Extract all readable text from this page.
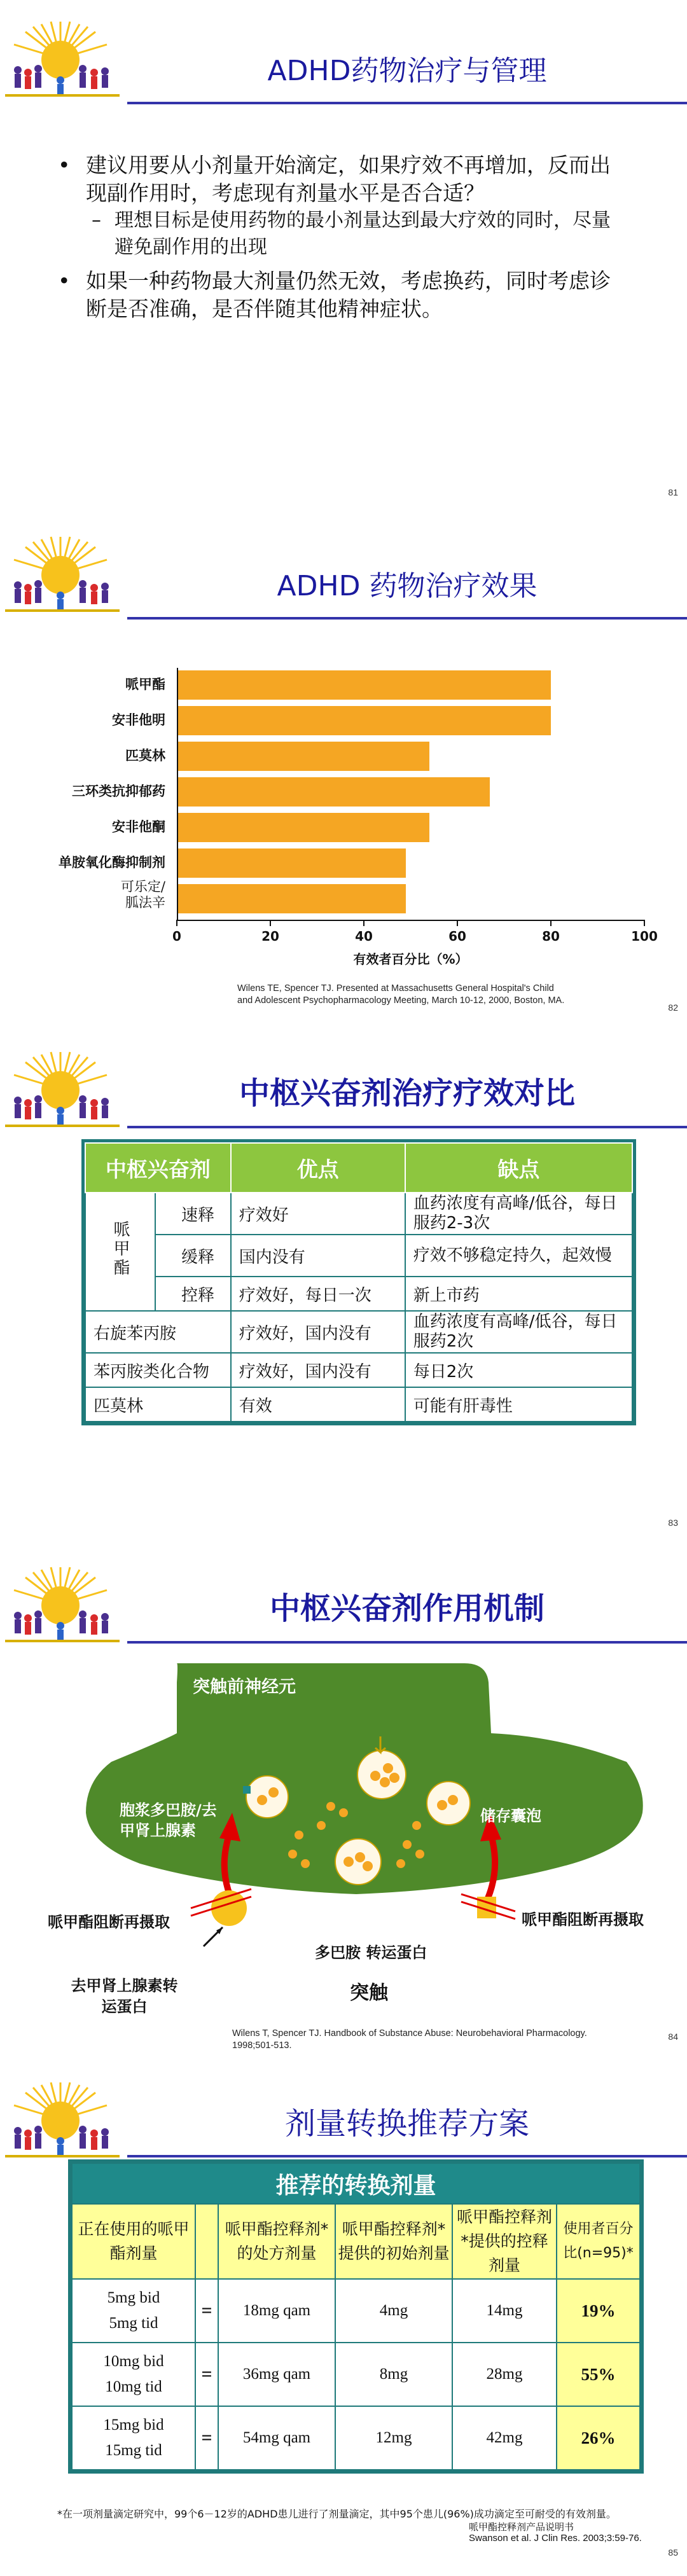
ADHD药物治疗与管理
• 建议用要从小剂量开始滴定，如果疗效不再增加，反而出现副作用时，考虑现有剂量水平是否合适？
– 理想目标是使用药物的最小剂量达到最大疗效的同时，尽量避免副作用的出现
• 如果一种药物最大剂量仍然无效，考虑换药，同时考虑诊断是否准确，是否伴随其他精神症状。
81
ADHD 药物治疗效果
哌甲酯
安非他明
匹莫林
三环类抗抑郁药
安非他酮
单胺氧化酶抑制剂
可乐定/
胍法辛
0	20	40	60	80	100
有效者百分比（%）
Wilens TE, Spencer TJ. Presented at Massachusetts General Hospital's Child
and Adolescent Psychopharmacology Meeting, March 10-12, 2000, Boston, MA.
82
中枢兴奋剂治疗疗效对比
中枢兴奋剂		优点	缺点
哌甲酯	速释	疗效好	血药浓度有高峰/低谷，每日服药2-3次
	缓释	国内没有	疗效不够稳定持久，起效慢
	控释	疗效好，每日一次	新上市药
右旋苯丙胺		疗效好，国内没有	血药浓度有高峰/低谷，每日服药2次
苯丙胺类化合物		疗效好，国内没有	每日2次
匹莫林		有效	可能有肝毒性
83
中枢兴奋剂作用机制
突触前神经元
胞浆多巴胺/去甲肾上腺素
储存囊泡
哌甲酯阻断再摄取	哌甲酯阻断再摄取
多巴胺 转运蛋白
去甲肾上腺素转运蛋白
突触
Wilens T, Spencer TJ. Handbook of Substance Abuse: Neurobehavioral Pharmacology.
1998;501-513.
84
剂量转换推荐方案
推荐的转换剂量					
正在使用的哌甲酯剂量		哌甲酯控释剂*的处方剂量	哌甲酯控释剂*提供的初始剂量	哌甲酯控释剂*提供的控释剂量	使用者百分比(n=95)*

5mg bid
5mg tid	=	18mg qam	4mg	14mg	19%

10mg bid
10mg tid	=	36mg qam	8mg	28mg	55%

15mg bid
15mg tid	=	54mg qam	12mg	42mg	26%
*在一项剂量滴定研究中，99个6－12岁的ADHD患儿进行了剂量滴定，其中95个患儿(96%)成功滴定至可耐受的有效剂量。
哌甲酯控释剂产品说明书
Swanson et al. J Clin Res. 2003;3:59-76.
85
